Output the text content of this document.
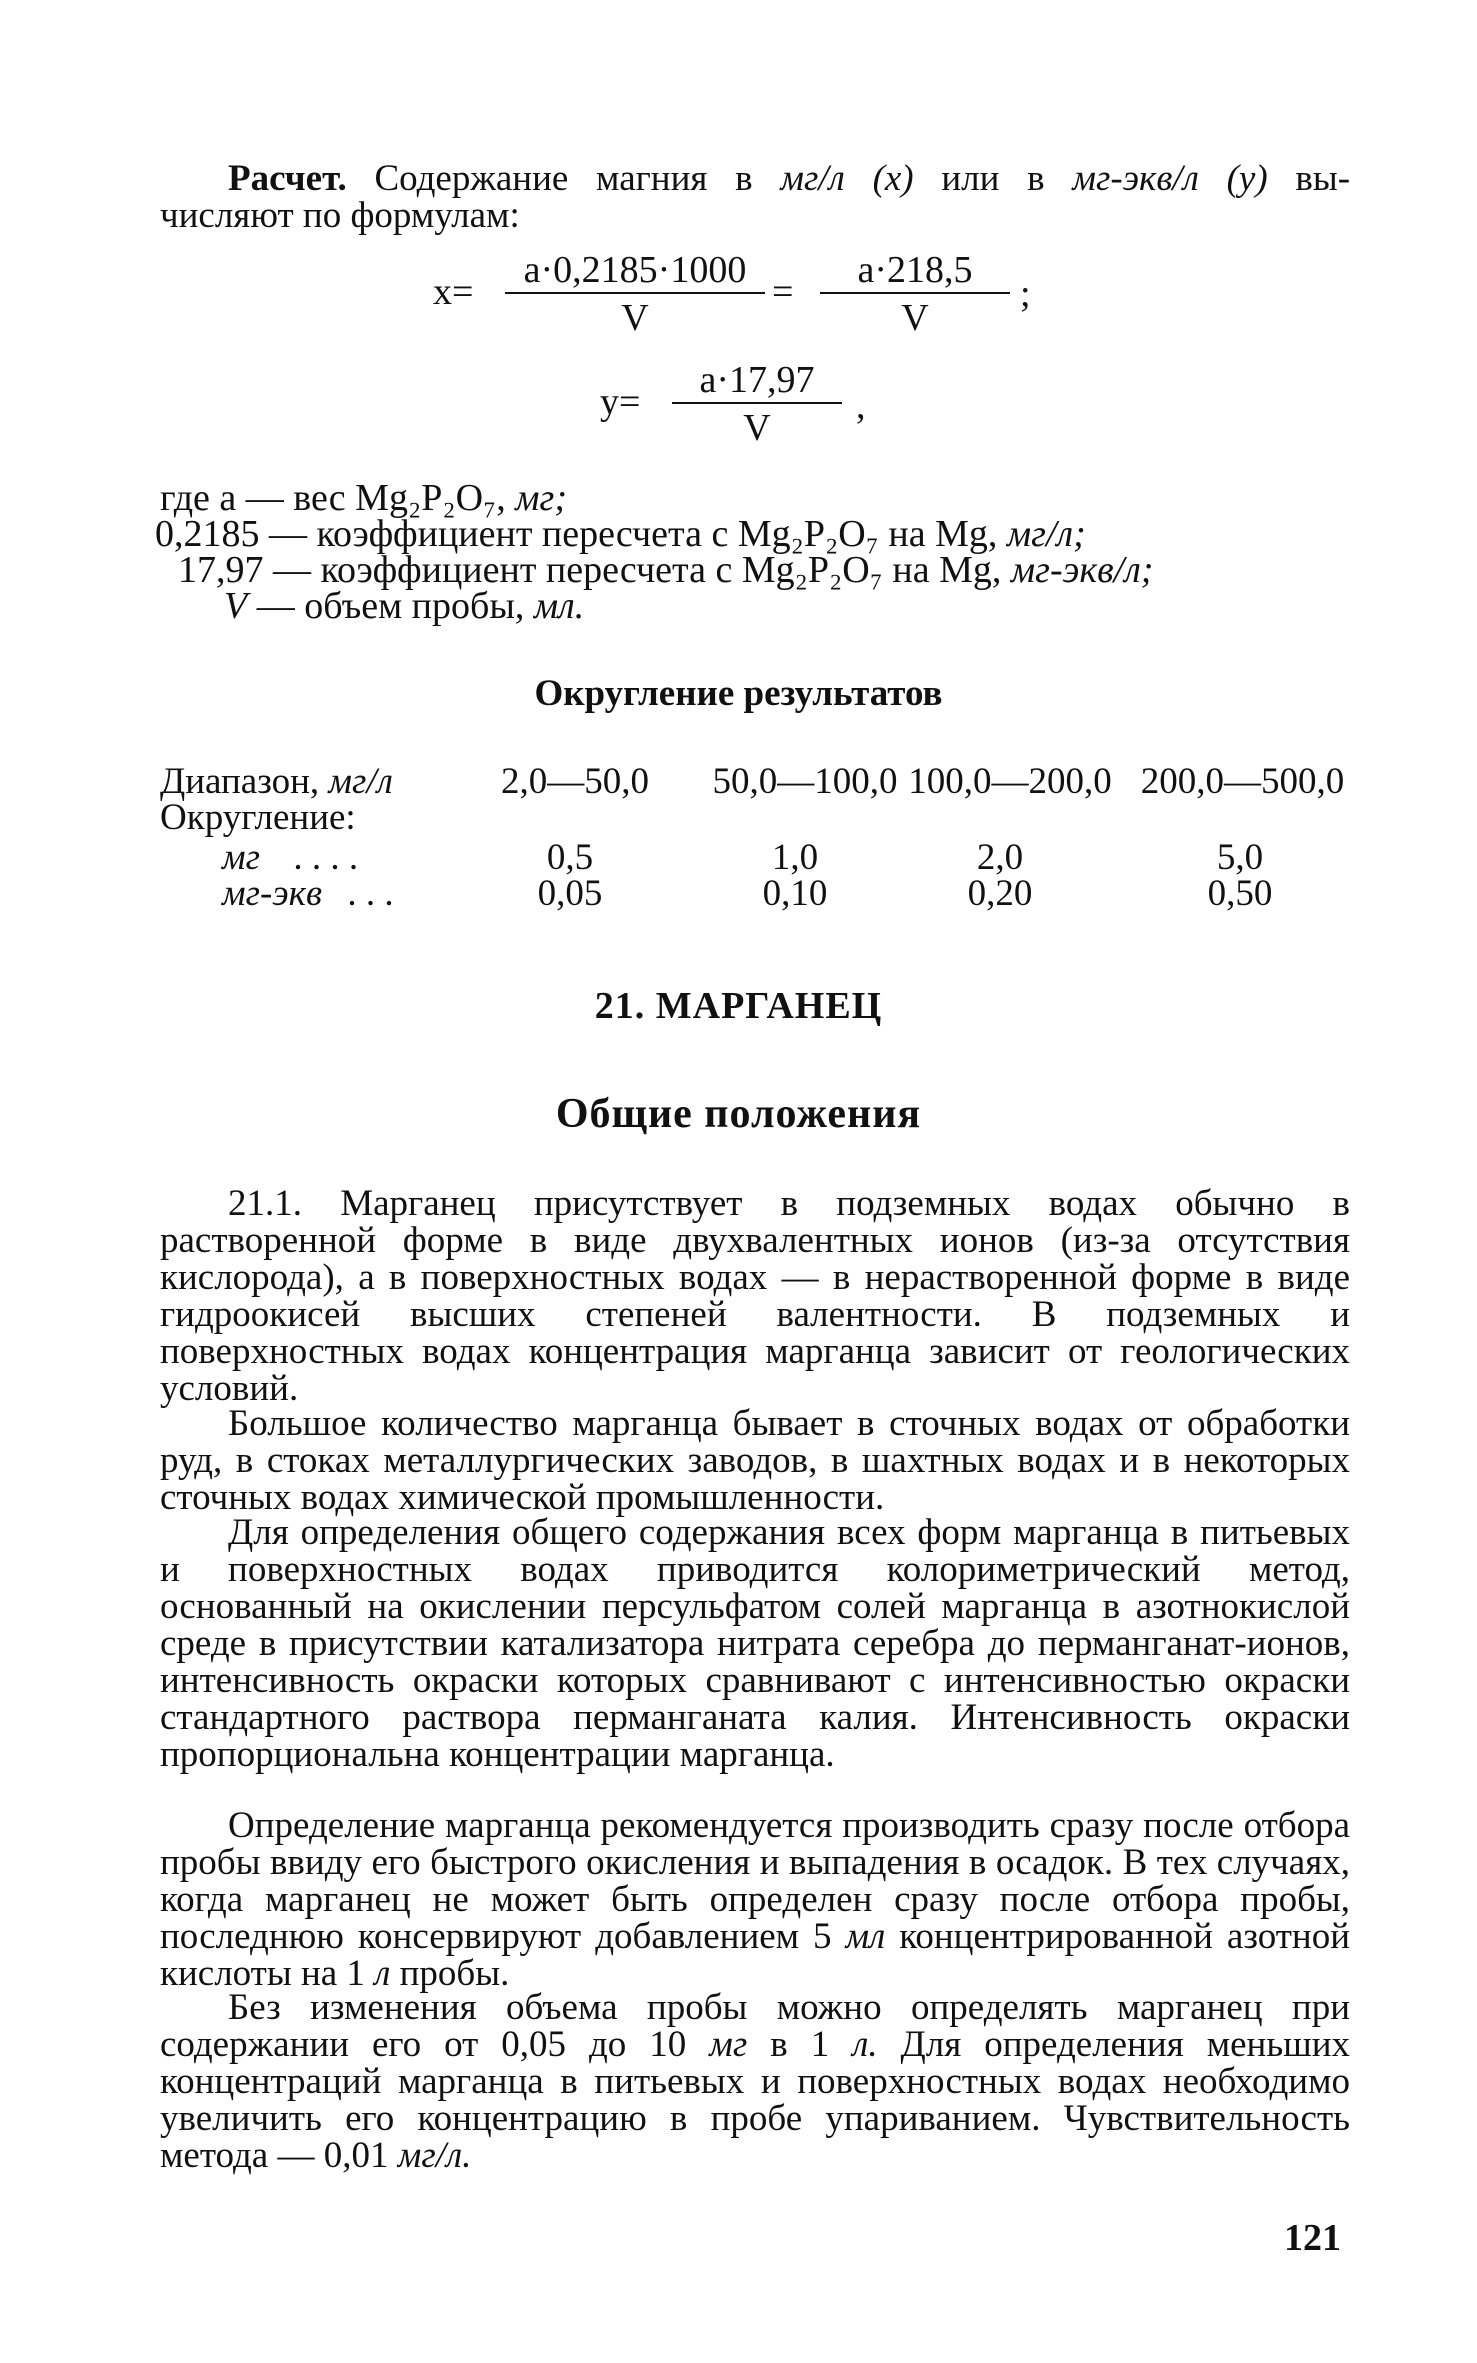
Расчет. Содержание магния в мг/л (x) или в мг-экв/л (y) вы-
числяют по формулам:
$x= \frac{a\cdot 0,2185\cdot 1000}{V} = \frac{a\cdot 218,5}{V}$ ;
$y= \frac{a\cdot 17,97}{V}$ ,
где a — вес Mg₂P₂O₇, мг;
0,2185 — коэффициент пересчета с Mg₂P₂O₇ на Mg, мг/л;
17,97 — коэффициент пересчета с Mg₂P₂O₇ на Mg, мг-экв/л;
V — объем пробы, мл.
Округление результатов
Диапазон, мг/л	2,0—50,0 50,0—100,0 100,0—200,0 200,0—500,0
Округление:
мг . . . .	0,5	1,0	2,0	5,0
мг-экв . . .	0,05	0,10	0,20	0,50
21. МАРГАНЕЦ
Общие положения
21.1. Марганец присутствует в подземных водах обычно в растворенной форме в виде двухвалентных ионов (из-за отсутствия кислорода), а в поверхностных водах — в нерастворенной форме в виде гидроокисей высших степеней валентности. В подземных и поверхностных водах концентрация марганца зависит от геологических условий.
Большое количество марганца бывает в сточных водах от обработки руд, в стоках металлургических заводов, в шахтных водах и в некоторых сточных водах химической промышленности.
Для определения общего содержания всех форм марганца в питьевых и поверхностных водах приводится колориметрический метод, основанный на окислении персульфатом солей марганца в азотнокислой среде в присутствии катализатора нитрата серебра до перманганат-ионов, интенсивность окраски которых сравнивают с интенсивностью окраски стандартного раствора перманганата калия. Интенсивность окраски пропорциональна концентрации марганца.
Определение марганца рекомендуется производить сразу после отбора пробы ввиду его быстрого окисления и выпадения в осадок. В тех случаях, когда марганец не может быть определен сразу после отбора пробы, последнюю консервируют добавлением 5 мл концентрированной азотной кислоты на 1 л пробы.
Без изменения объема пробы можно определять марганец при содержании его от 0,05 до 10 мг в 1 л. Для определения меньших концентраций марганца в питьевых и поверхностных водах необходимо увеличить его концентрацию в пробе упариванием. Чувствительность метода — 0,01 мг/л.
121
